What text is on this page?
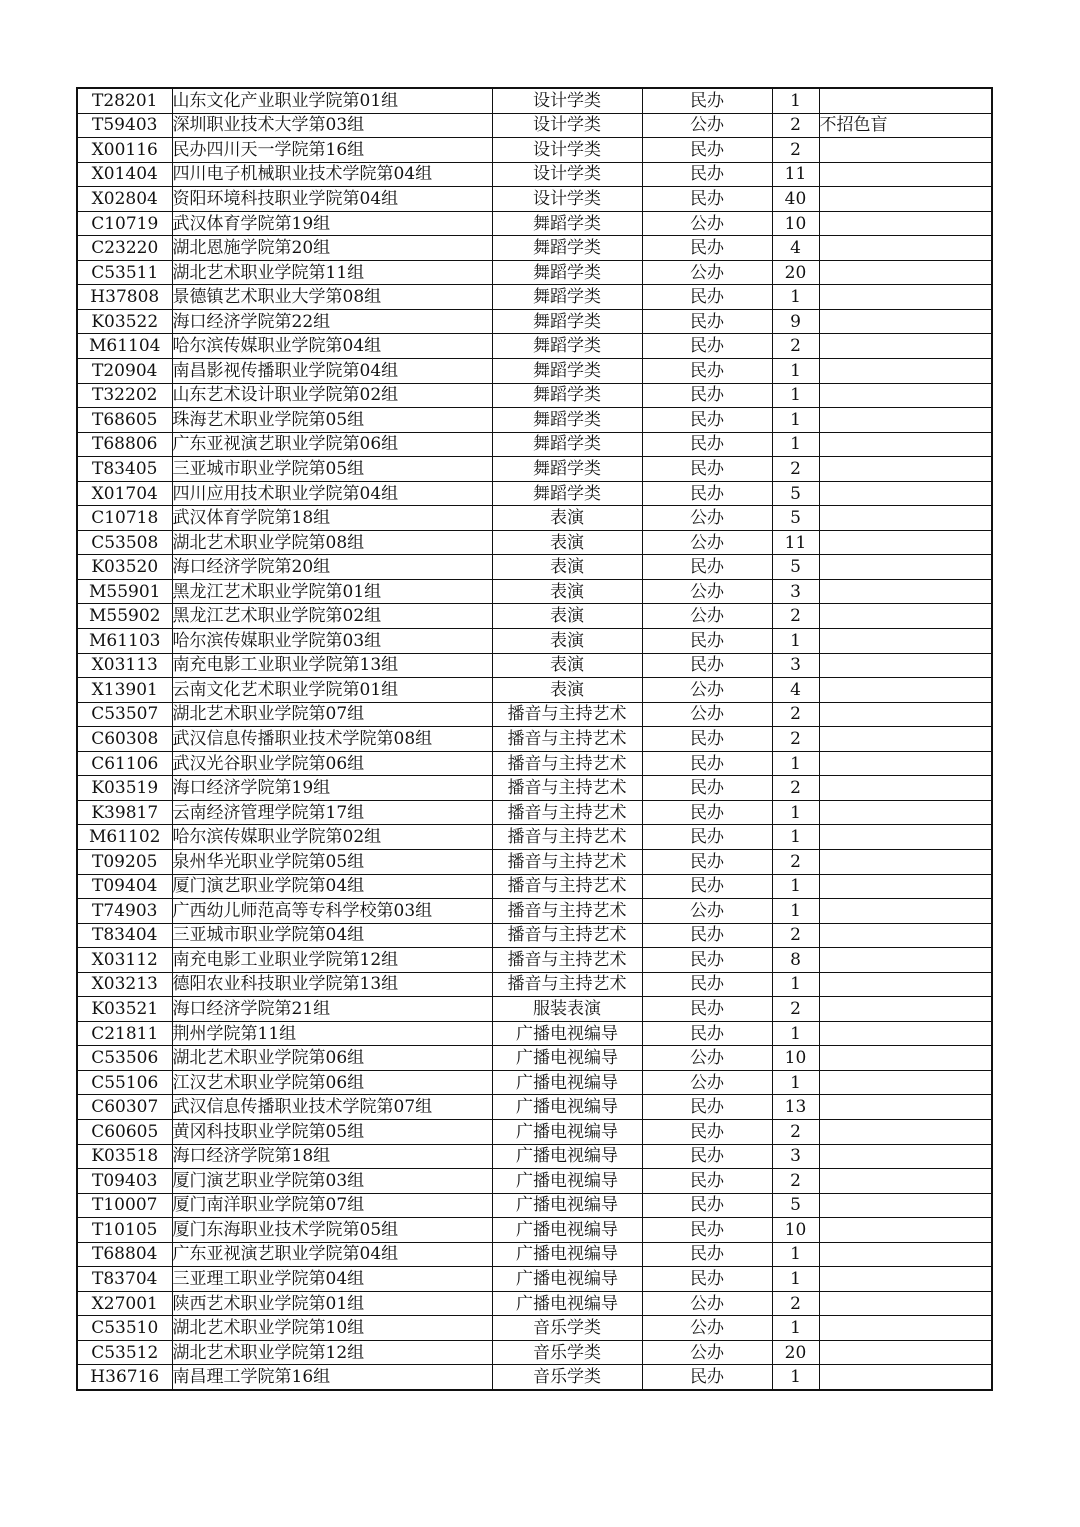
T28201	山东文化产业职业学院第01组	设计学类	民办	1	
T59403	深圳职业技术大学第03组	设计学类	公办	2	不招色盲
X00116	民办四川天一学院第16组	设计学类	民办	2	
X01404	四川电子机械职业技术学院第04组	设计学类	民办	11	
X02804	资阳环境科技职业学院第04组	设计学类	民办	40	
C10719	武汉体育学院第19组	舞蹈学类	公办	10	
C23220	湖北恩施学院第20组	舞蹈学类	民办	4	
C53511	湖北艺术职业学院第11组	舞蹈学类	公办	20	
H37808	景德镇艺术职业大学第08组	舞蹈学类	民办	1	
K03522	海口经济学院第22组	舞蹈学类	民办	9	
M61104	哈尔滨传媒职业学院第04组	舞蹈学类	民办	2	
T20904	南昌影视传播职业学院第04组	舞蹈学类	民办	1	
T32202	山东艺术设计职业学院第02组	舞蹈学类	民办	1	
T68605	珠海艺术职业学院第05组	舞蹈学类	民办	1	
T68806	广东亚视演艺职业学院第06组	舞蹈学类	民办	1	
T83405	三亚城市职业学院第05组	舞蹈学类	民办	2	
X01704	四川应用技术职业学院第04组	舞蹈学类	民办	5	
C10718	武汉体育学院第18组	表演	公办	5	
C53508	湖北艺术职业学院第08组	表演	公办	11	
K03520	海口经济学院第20组	表演	民办	5	
M55901	黑龙江艺术职业学院第01组	表演	公办	3	
M55902	黑龙江艺术职业学院第02组	表演	公办	2	
M61103	哈尔滨传媒职业学院第03组	表演	民办	1	
X03113	南充电影工业职业学院第13组	表演	民办	3	
X13901	云南文化艺术职业学院第01组	表演	公办	4	
C53507	湖北艺术职业学院第07组	播音与主持艺术	公办	2	
C60308	武汉信息传播职业技术学院第08组	播音与主持艺术	民办	2	
C61106	武汉光谷职业学院第06组	播音与主持艺术	民办	1	
K03519	海口经济学院第19组	播音与主持艺术	民办	2	
K39817	云南经济管理学院第17组	播音与主持艺术	民办	1	
M61102	哈尔滨传媒职业学院第02组	播音与主持艺术	民办	1	
T09205	泉州华光职业学院第05组	播音与主持艺术	民办	2	
T09404	厦门演艺职业学院第04组	播音与主持艺术	民办	1	
T74903	广西幼儿师范高等专科学校第03组	播音与主持艺术	公办	1	
T83404	三亚城市职业学院第04组	播音与主持艺术	民办	2	
X03112	南充电影工业职业学院第12组	播音与主持艺术	民办	8	
X03213	德阳农业科技职业学院第13组	播音与主持艺术	民办	1	
K03521	海口经济学院第21组	服装表演	民办	2	
C21811	荆州学院第11组	广播电视编导	民办	1	
C53506	湖北艺术职业学院第06组	广播电视编导	公办	10	
C55106	江汉艺术职业学院第06组	广播电视编导	公办	1	
C60307	武汉信息传播职业技术学院第07组	广播电视编导	民办	13	
C60605	黄冈科技职业学院第05组	广播电视编导	民办	2	
K03518	海口经济学院第18组	广播电视编导	民办	3	
T09403	厦门演艺职业学院第03组	广播电视编导	民办	2	
T10007	厦门南洋职业学院第07组	广播电视编导	民办	5	
T10105	厦门东海职业技术学院第05组	广播电视编导	民办	10	
T68804	广东亚视演艺职业学院第04组	广播电视编导	民办	1	
T83704	三亚理工职业学院第04组	广播电视编导	民办	1	
X27001	陕西艺术职业学院第01组	广播电视编导	公办	2	
C53510	湖北艺术职业学院第10组	音乐学类	公办	1	
C53512	湖北艺术职业学院第12组	音乐学类	公办	20	
H36716	南昌理工学院第16组	音乐学类	民办	1	
